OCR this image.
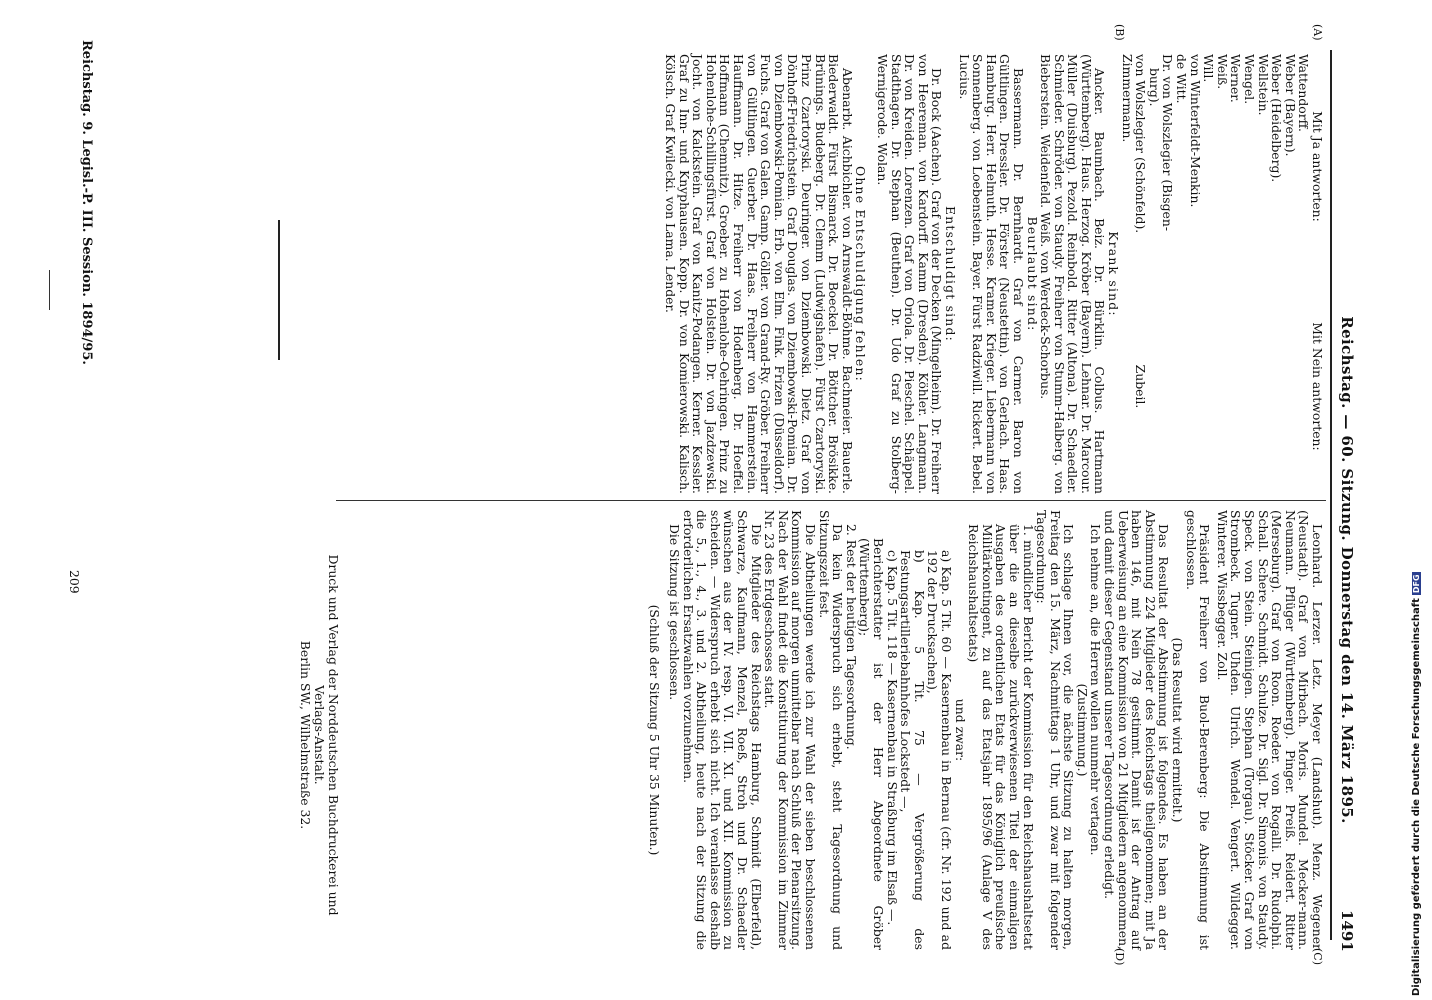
Reichstag. — 60. Sitzung. Donnerstag den 14. März 1895.
1491
(A)
(B)

Mit Ja antworten:

Wattendorff.

Weber (Bayern).

Weber (Heidelberg).

Wellstein.

Wengel.

Werner.

Weiß.

Will.

von Winterfeldt-Menkin.

de Witt.

Dr. von Wolszlegier (Bisgen-

burg).

von Wolszlegier (Schönfeld).

Zimmermann.

Mit Nein antworten:

Zubeil.

Krank sind:

Ancker. Baumbach. Beiz. Dr. Bürklin. Colbus. Hartmann (Württemberg). Haus. Herzog. Kröber (Bayern). Lehnar. Dr. Marcour. Müller (Duisburg). Pezold. Reinbold. Ritter (Altona). Dr. Schaedler. Schmieder. Schröder. von Staudy. Freiherr von Stumm-Halberg. von Bieberstein. Weidenfeld. Weiß. von Werdeck-Schorbus.

Beurlaubt sind:

Bassermann. Dr. Bernhardt. Graf von Carmer. Baron von Gültlingen. Dressler. Dr. Förster (Neustettin). von Gerlach. Haas. Hamburg. Herr. Helmuth. Hesse. Kramer. Krieger. Liebermann von Sonnenberg. von Loebenstein. Bayer. Fürst Radziwill. Rickert. Bebel. Lucius.

Entschuldigt sind:

Dr. Bock (Aachen). Graf von der Decken (Mingelheim). Dr. Freiherr von Heereman. von Kardorff. Kamm (Dresden). Köhler. Langmann. Dr. von Kreiden. Lorenzen. Graf von Oriola. Dr. Pieschel. Schäppel. Stadthagen. Dr. Stephan (Beuthen). Dr. Udo Graf zu Stolberg-Wernigerode. Wolan.

Ohne Entschuldigung fehlen:

Abenarbt. Aichbichler. von Arnswaldt-Böhme. Bachmeier. Bauerle. Biederwaldt. Fürst Bismarck. Dr. Boeckel. Dr. Böttcher. Brösikke. Brünings. Budeberg. Dr. Clemm (Ludwigshafen). Fürst Czartoryski. Prinz Czartoryski. Deuringer. von Dziembowski. Dietz. Graf von Dönhoff-Friedrichstein. Graf Douglas. von Dziembowski-Pomian. Dr. von Dziembowski-Pomian. Erb. von Elm. Fink. Frizen (Düsseldorf). Fuchs. Graf von Galen. Gamp. Göller. von Grand-Ry. Gröber. Freiherr von Gültlingen. Guerber. Dr. Haas. Freiherr von Hammerstein. Hauffmann. Dr. Hitze. Freiherr von Hodenberg. Dr. Hoeffel. Hoffmann (Chemnitz). Groeber. zu Hohenlohe-Oehringen. Prinz zu Hohenlohe-Schillingsfürst. Graf von Holstein. Dr. von Jazdzewski. Jocht. von Kalckstein. Graf von Kanitz-Podangen. Kerner. Kessler. Graf zu Inn- und Knyphausen. Kopp. Dr. von Komierowski. Kalisch. Kölsch. Graf Kwilecki. von Lama. Lender.

(C)
(D)

Leonhard. Lerzer. Letz. Meyer (Landshut). Menz. Wegener (Neustadt). Graf von Mirbach. Moris. Mundel. Mecker-mann. Neumann. Pflüger (Württemberg). Pinger. Preiß. Reidert. Ritter (Merseburg). Graf von Roon. Roeder. von Rogalli. Dr. Rudolphi. Schall. Schere. Schmidt. Schulze. Dr. Sigl. Dr. Simonis. von Staudy. Speck. von Stein. Steinigen. Stephan (Torgau). Stöcker. Graf von Strombeck. Tugner. Uhden. Ulrich. Wendel. Vengert. Wildegger. Winterer. Wissbegger. Zoll.

Präsident Freiherr von Buol-Berenberg: Die Abstimmung ist geschlossen.

(Das Resultat wird ermittelt.)

Das Resultat der Abstimmung ist folgendes. Es haben an der Abstimmung 224 Mitglieder des Reichstags theilgenommen; mit Ja haben 146, mit Nein 78 gestimmt. Damit ist der Antrag auf Ueberweisung an eine Kommission von 21 Mitgliedern angenommen, und damit dieser Gegenstand unserer Tagesordnung erledigt.

Ich nehme an, die Herren wollen nunmehr vertagen.

(Zustimmung.)

Ich schlage Ihnen vor, die nächste Sitzung zu halten morgen, Freitag den 15. März, Nachmittags 1 Uhr, und zwar mit folgender Tagesordnung:

1. mündlicher Bericht der Kommission für den Reichshaushaltsetat über die an dieselbe zurückverwiesenen Titel der einmaligen Ausgaben des ordentlichen Etats für das Königlich preußische Militärkontingent, zu auf das Etatsjahr 1895/96 (Anlage V des Reichshaushaltsetats)

und zwar:

a) Kap. 5 Tit. 60 — Kasernenbau in Bernau (cfr. Nr. 192 und ad 192 der Drucksachen),

b) Kap. 5 Tit. 75 — Vergrößerung des Festungsartilleriebahnhofes Lockstedt —,

c) Kap. 5 Tit. 118 — Kasernenbau in Straßburg im Elsaß —.

Berichterstatter ist der Herr Abgeordnete Gröber (Württemberg);

2. Rest der heutigen Tagesordnung.

Da kein Widerspruch sich erhebt, steht Tagesordnung und Sitzungszeit fest.

Die Abtheilungen werde ich zur Wahl der sieben beschlossenen Kommission auf morgen unmittelbar nach Schluß der Plenarsitzung. Nach der Wahl findet die Konstituirung der Kommission im Zimmer Nr. 23 des Erdgeschosses statt.

Die Mitglieder des Reichstags Hamburg, Schmidt (Elberfeld), Schwarze, Kaufmann, Menzel, Roeß, Stroh und Dr. Schaedler wünschen aus der IV. resp. VI. VII. XI. und XII. Kommission zu scheiden. — Widerspruch erhebt sich nicht. Ich veranlasse deshalb die 5., 1., 4., 3. und 2. Abtheilung, heute nach der Sitzung die erforderlichen Ersatzwahlen vorzunehmen.

Die Sitzung ist geschlossen.

(Schluß der Sitzung 5 Uhr 35 Minuten.)

Druck und Verlag der Norddeutschen Buchdruckerei und Verlags-Anstalt.
Berlin SW., Wilhelmstraße 32.
209
Reichstag. 9. Legisl.-P. III. Session. 1894/95.
Digitalisierung gefördert durch die Deutsche ForschungsgemeinschaftDFG
